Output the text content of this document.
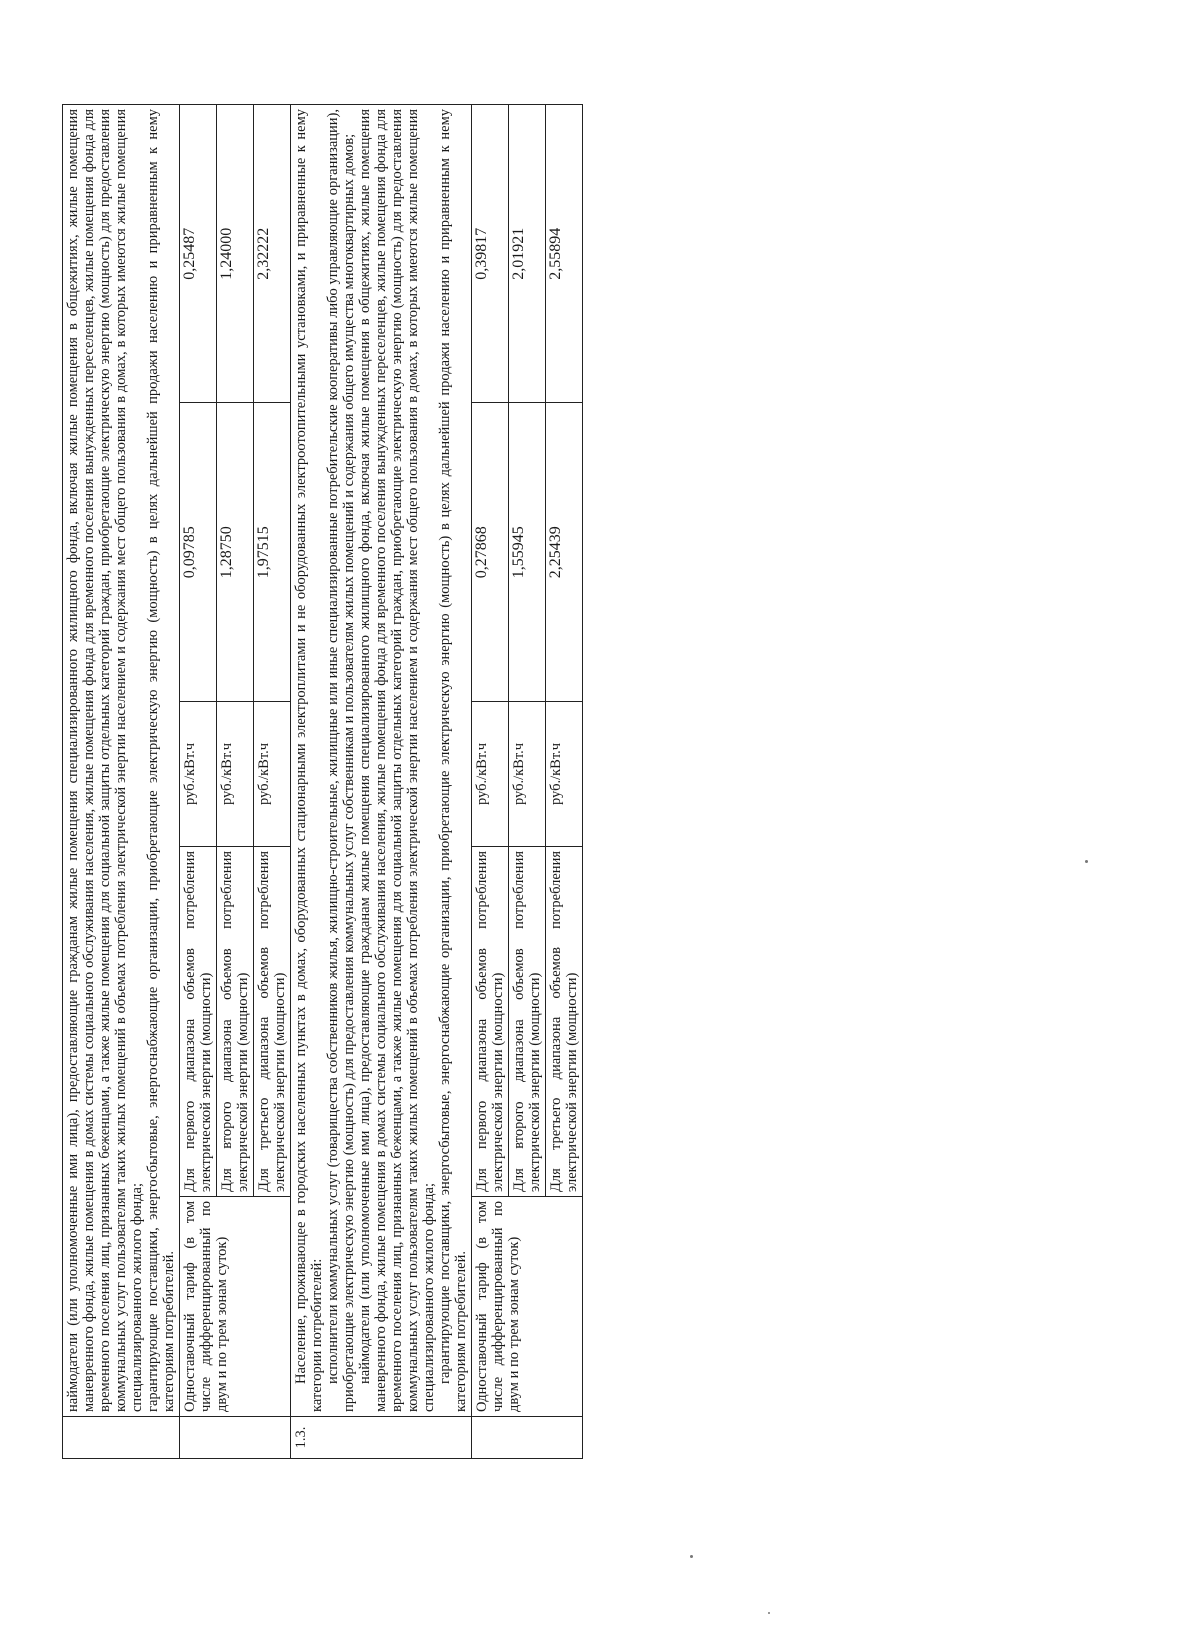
	наймодатели (или уполномоченные ими лица), предоставляющие гражданам жилые помещения специализированного жилищного фонда, включая жилые помещения в общежитиях, жилые помещения маневренного фонда, жилые помещения в домах системы социального обслуживания населения, жилые помещения фонда для временного поселения вынужденных переселенцев, жилые помещения фонда для временного поселения лиц, признанных беженцами, а также жилые помещения для социальной защиты отдельных категорий граждан, приобретающие электрическую энергию (мощность) для предоставления коммунальных услуг пользователям таких жилых помещений в объемах потребления электрической энергии населением и содержания мест общего пользования в домах, в которых имеются жилые помещения специализированного жилого фонда; гарантирующие поставщики, энергосбытовые, энергоснабжающие организации, приобретающие электрическую энергию (мощность) в целях дальнейшей продажи населению и приравненным к нему категориям потребителей.				

	Одноставочный тариф (в том числе дифференцированный по двум и по трем зонам суток)	Для первого диапазона объемов потребления электрической энергии (мощности)	руб./кВт.ч	0,09785	0,25487
		Для второго диапазона объемов потребления электрической энергии (мощности)	руб./кВт.ч	1,28750	1,24000
		Для третьего диапазона объемов потребления электрической энергии (мощности)	руб./кВт.ч	1,97515	2,32222
1.3.	Население, проживающее в городских населенных пунктах в домах, оборудованных стационарными электроплитами и не оборудованных электроотопительными установками, и приравненные к нему категории потребителей: исполнители коммунальных услуг (товарищества собственников жилья, жилищно-строительные, жилищные или иные специализированные потребительские кооперативы либо управляющие организации), приобретающие электрическую энергию (мощность) для предоставления коммунальных услуг собственникам и пользователям жилых помещений и содержания общего имущества многоквартирных домов; наймодатели (или уполномоченные ими лица), предоставляющие гражданам жилые помещения специализированного жилищного фонда, включая жилые помещения в общежитиях, жилые помещения маневренного фонда, жилые помещения в домах системы социального обслуживания населения, жилые помещения фонда для временного поселения вынужденных переселенцев, жилые помещения фонда для временного поселения лиц, признанных беженцами, а также жилые помещения для социальной защиты отдельных категорий граждан, приобретающие электрическую энергию (мощность) для предоставления коммунальных услуг пользователям таких жилых помещений в объемах потребления электрической энергии населением и содержания мест общего пользования в домах, в которых имеются жилые помещения специализированного жилого фонда; гарантирующие поставщики, энергосбытовые, энергоснабжающие организации, приобретающие электрическую энергию (мощность) в целях дальнейшей продажи населению и приравненным к нему категориям потребителей.				

	Одноставочный тариф (в том числе дифференцированный по двум и по трем зонам суток)	Для первого диапазона объемов потребления электрической энергии (мощности)	руб./кВт.ч	0,27868	0,39817
		Для второго диапазона объемов потребления электрической энергии (мощности)	руб./кВт.ч	1,55945	2,01921
		Для третьего диапазона объемов потребления электрической энергии (мощности)	руб./кВт.ч	2,25439	2,55894
